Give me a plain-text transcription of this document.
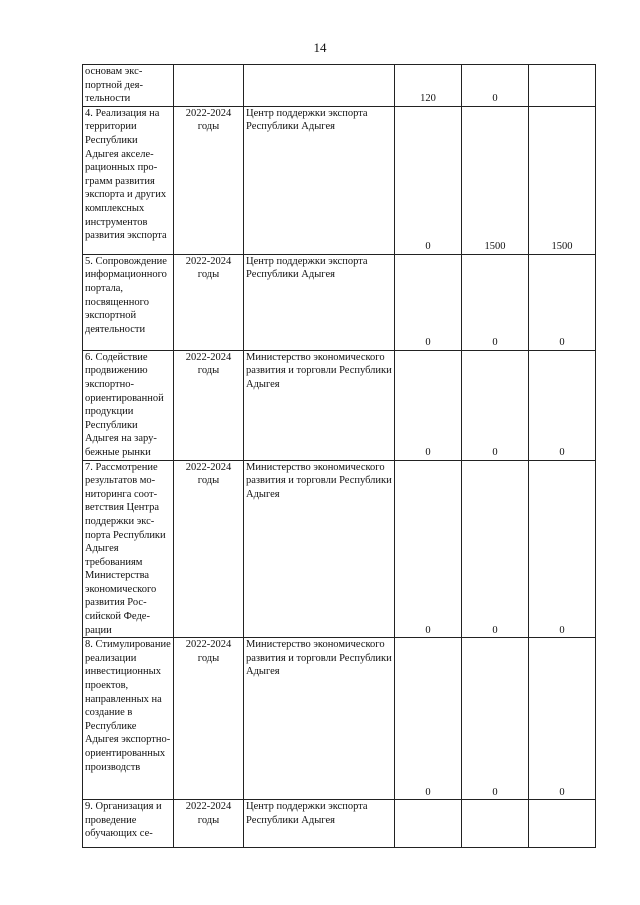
14
основам экспортной деятельности			120	0	

4. Реализация на территории Республики Адыгея акселерационных программ развития экспорта и других комплексных инструментов развития экспорта	2022-2024 годы	Центр поддержки экспорта Республики Адыгея	0	1500	1500

5. Сопровождение информационного портала, посвященного экспортной деятельности	2022-2024 годы	Центр поддержки экспорта Республики Адыгея	0	0	0

6. Содействие продвижению экспортно-ориентированной продукции Республики Адыгея на зарубежные рынки	2022-2024 годы	Министерство экономического развития и торговли Республики Адыгея	0	0	0

7. Рассмотрение результатов мониторинга соответствия Центра поддержки экспорта Республики Адыгея требованиям Министерства экономического развития Российской Федерации	2022-2024 годы	Министерство экономического развития и торговли Республики Адыгея	0	0	0

8. Стимулирование реализации инвестиционных проектов, направленных на создание в Республике Адыгея экспортно-ориентированных производств	2022-2024 годы	Министерство экономического развития и торговли Республики Адыгея	0	0	0

9. Организация и проведение обучающих се-	2022-2024 годы	Центр поддержки экспорта Республики Адыгея	
